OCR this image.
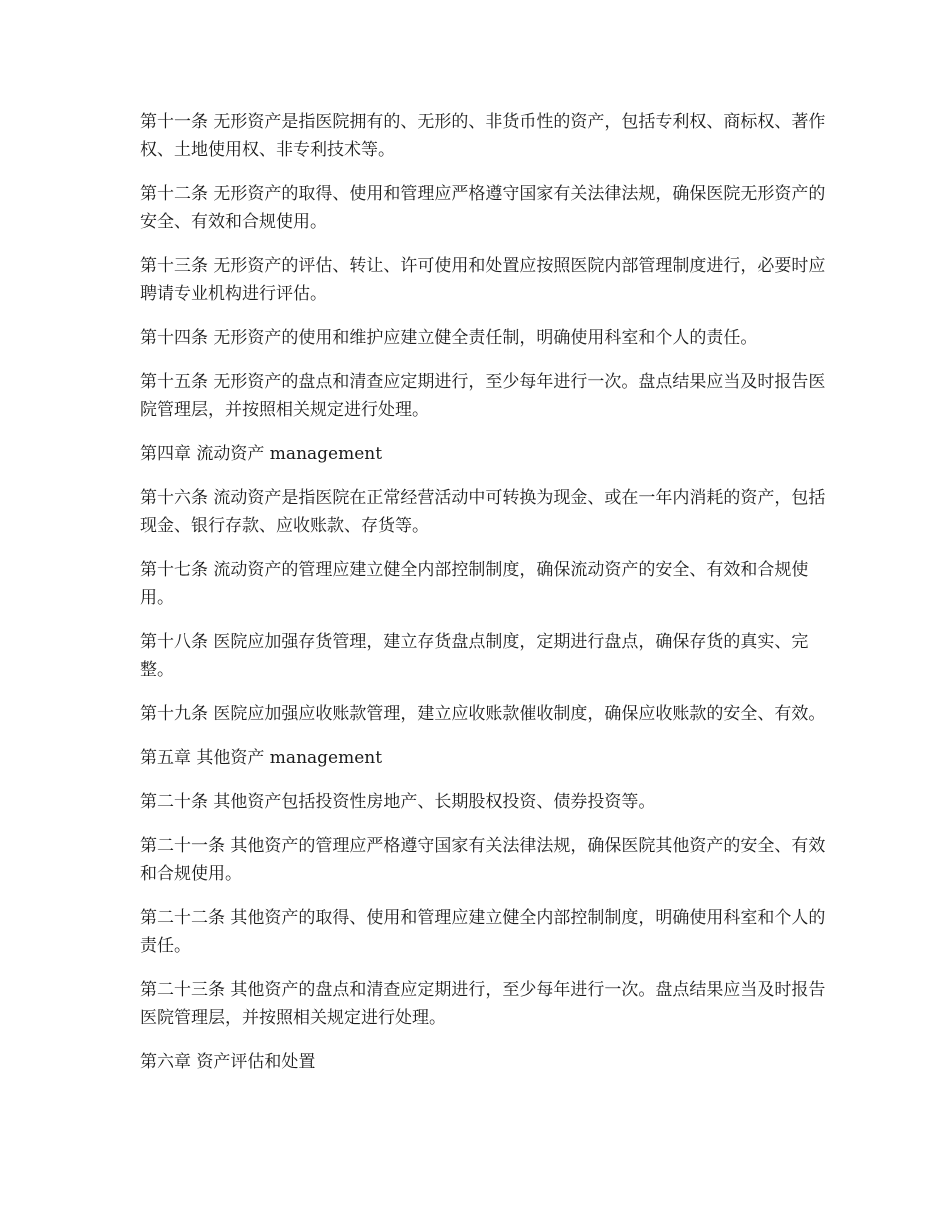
第十一条 无形资产是指医院拥有的、无形的、非货币性的资产，包括专利权、商标权、著作权、土地使用权、非专利技术等。

第十二条 无形资产的取得、使用和管理应严格遵守国家有关法律法规，确保医院无形资产的安全、有效和合规使用。

第十三条 无形资产的评估、转让、许可使用和处置应按照医院内部管理制度进行，必要时应聘请专业机构进行评估。

第十四条 无形资产的使用和维护应建立健全责任制，明确使用科室和个人的责任。

第十五条 无形资产的盘点和清查应定期进行，至少每年进行一次。盘点结果应当及时报告医院管理层，并按照相关规定进行处理。

第四章 流动资产 management

第十六条 流动资产是指医院在正常经营活动中可转换为现金、或在一年内消耗的资产，包括现金、银行存款、应收账款、存货等。

第十七条 流动资产的管理应建立健全内部控制制度，确保流动资产的安全、有效和合规使用。

第十八条 医院应加强存货管理，建立存货盘点制度，定期进行盘点，确保存货的真实、完整。

第十九条 医院应加强应收账款管理，建立应收账款催收制度，确保应收账款的安全、有效。

第五章 其他资产 management

第二十条 其他资产包括投资性房地产、长期股权投资、债券投资等。

第二十一条 其他资产的管理应严格遵守国家有关法律法规，确保医院其他资产的安全、有效和合规使用。

第二十二条 其他资产的取得、使用和管理应建立健全内部控制制度，明确使用科室和个人的责任。

第二十三条 其他资产的盘点和清查应定期进行，至少每年进行一次。盘点结果应当及时报告医院管理层，并按照相关规定进行处理。

第六章 资产评估和处置
